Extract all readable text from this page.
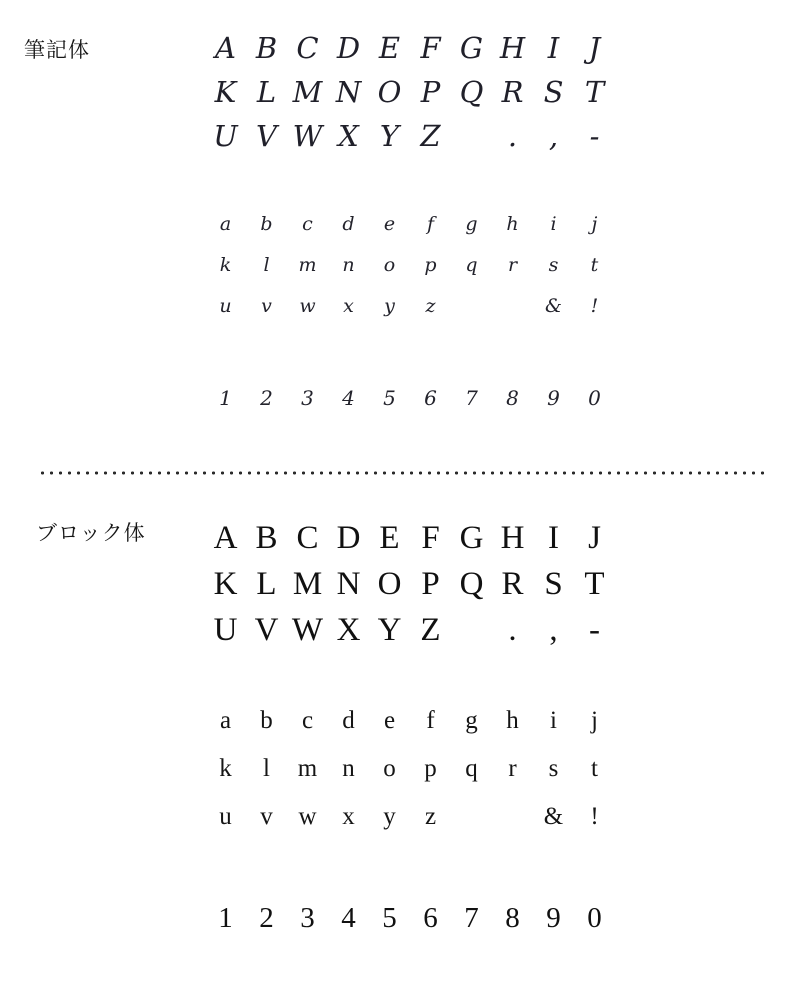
筆記体	A B C D E F G H I	J
K L M N O P Q R S T
U V W X Y Z	.	,	-
a	b	c	d	e	f	g	h	i	j
k	l	m	n	o	p	q	r	s	t
u	v	w	x	y	z	&	!
1	2	3	4	5	6	7	8	9	0
ブロック体 A B C D E F G H I J
K L M N O P Q R S T
U V W X Y Z	. , -
a	b	c	d	e	f	g	h	i	j
k	l	m	n	o	p	q	r	s	t
u	v	w	x	y	z	&	!
1 2 3 4 5 6 7 8 9 0
